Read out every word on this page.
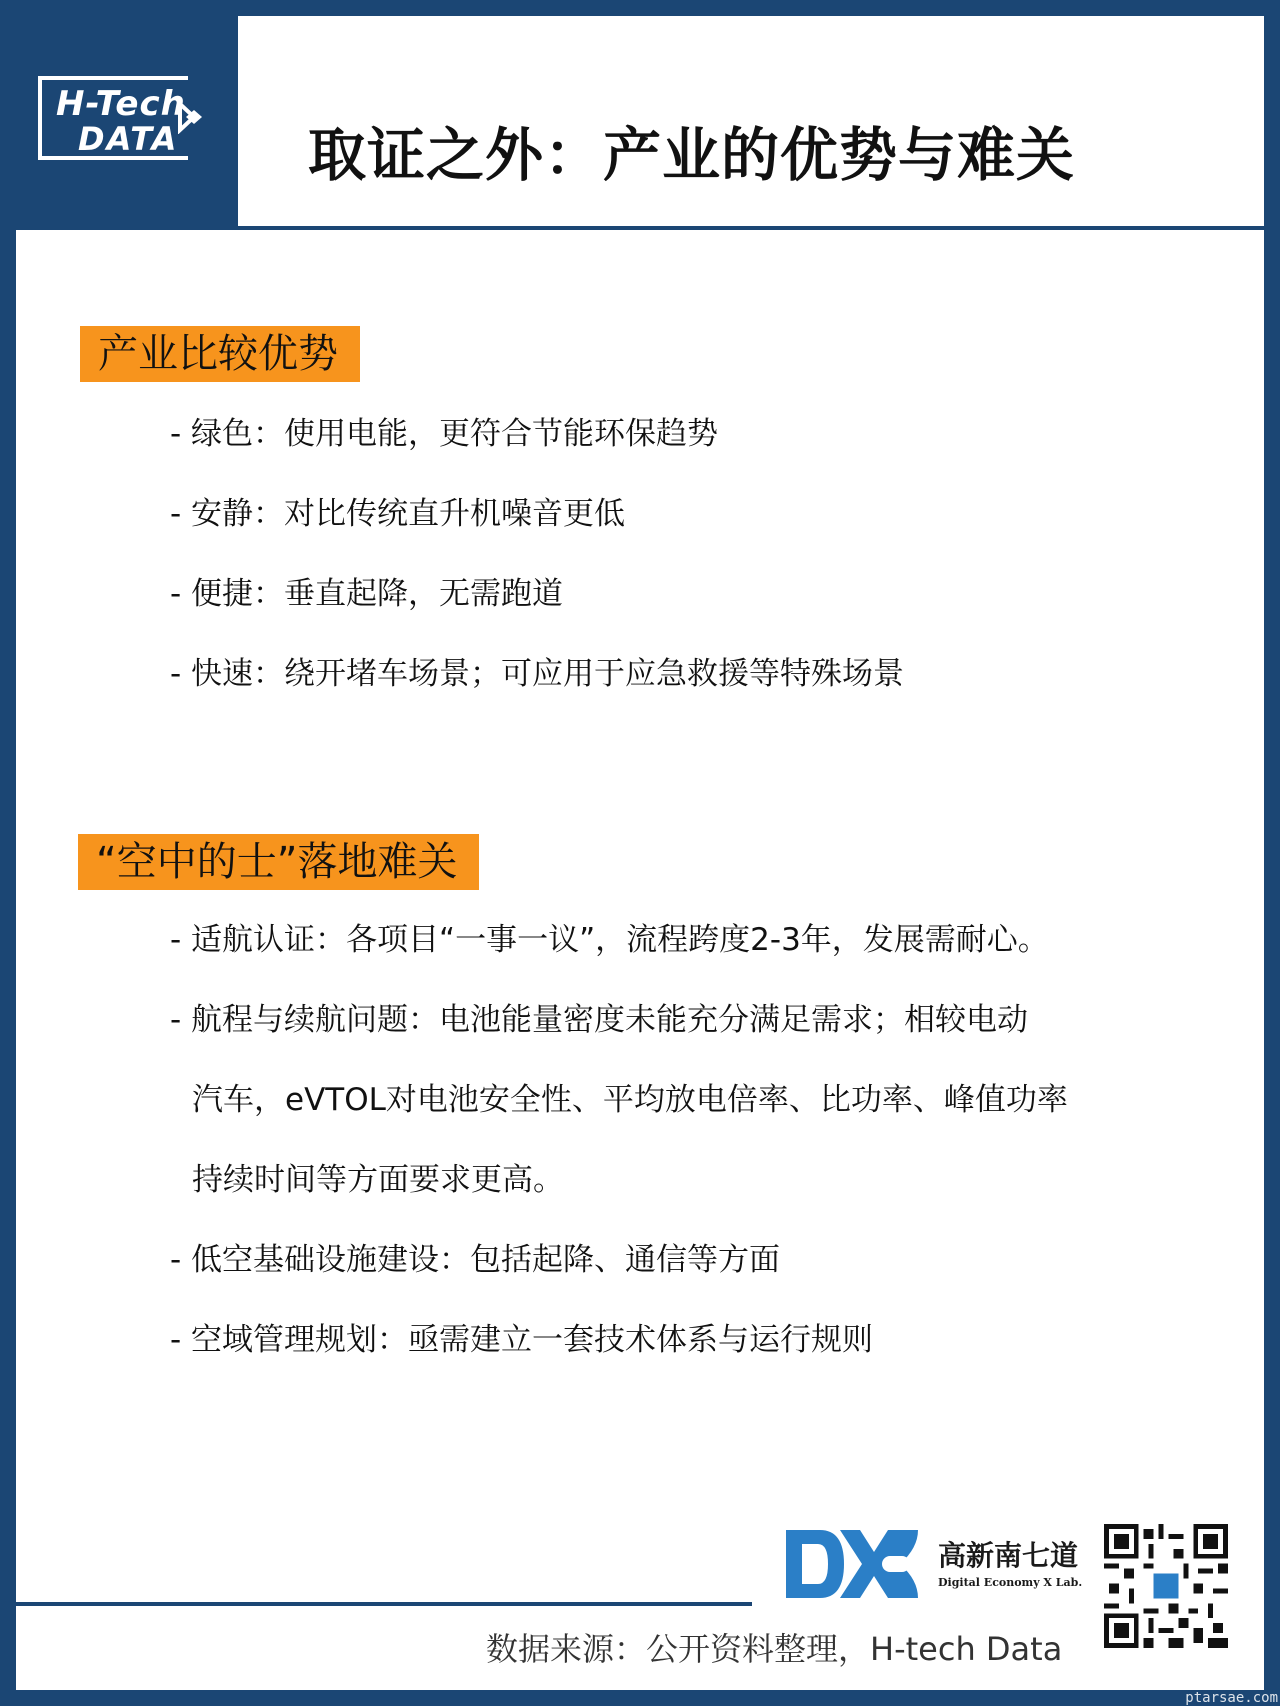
H-Tech
DATA 取证之外：产业的优势与难关
产业比较优势
- 绿色：使用电能，更符合节能环保趋势
- 安静：对比传统直升机噪音更低
- 便捷：垂直起降，无需跑道
- 快速：绕开堵车场景；可应用于应急救援等特殊场景
“空中的士”落地难关
- 适航认证：各项目“一事一议”，流程跨度2-3年，发展需耐心。
- 航程与续航问题：电池能量密度未能充分满足需求；相较电动
汽车，eVTOL对电池安全性、平均放电倍率、比功率、峰值功率
持续时间等方面要求更高。
- 低空基础设施建设：包括起降、通信等方面
- 空域管理规划：亟需建立一套技术体系与运行规则
高新南七道
Digital Economy X Lab.
数据来源：公开资料整理，H-tech Data
ptarsae.com
